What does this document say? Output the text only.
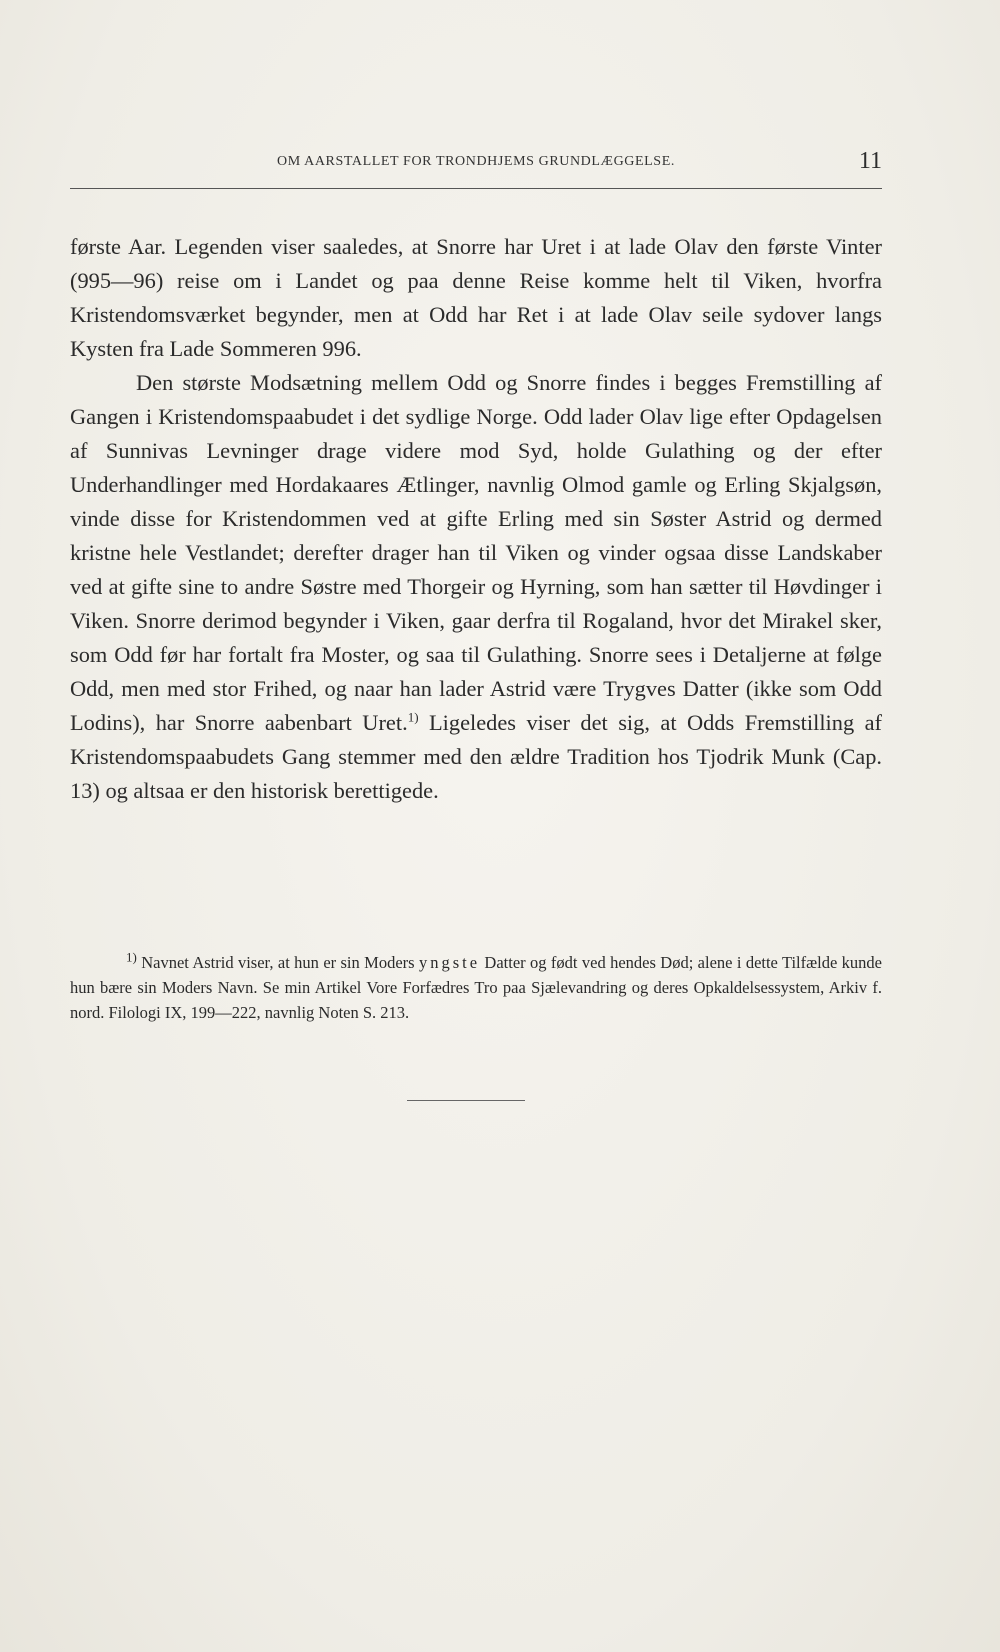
OM AARSTALLET FOR TRONDHJEMS GRUNDLÆGGELSE.	11

første Aar. Legenden viser saaledes, at Snorre har Uret i at lade Olav den første Vinter (995—96) reise om i Landet og paa denne Reise komme helt til Viken, hvorfra Kristendomsværket begynder, men at Odd har Ret i at lade Olav seile sydover langs Kysten fra Lade Sommeren 996.

Den største Modsætning mellem Odd og Snorre findes i begges Fremstilling af Gangen i Kristendomspaabudet i det sydlige Norge. Odd lader Olav lige efter Opdagelsen af Sunnivas Levninger drage videre mod Syd, holde Gulathing og der efter Underhandlinger med Hordakaares Ætlinger, navnlig Olmod gamle og Erling Skjalgsøn, vinde disse for Kristendommen ved at gifte Erling med sin Søster Astrid og dermed kristne hele Vestlandet; derefter drager han til Viken og vinder ogsaa disse Landskaber ved at gifte sine to andre Søstre med Thorgeir og Hyrning, som han sætter til Høvdinger i Viken. Snorre derimod begynder i Viken, gaar derfra til Rogaland, hvor det Mirakel sker, som Odd før har fortalt fra Moster, og saa til Gulathing. Snorre sees i Detaljerne at følge Odd, men med stor Frihed, og naar han lader Astrid være Trygves Datter (ikke som Odd Lodins), har Snorre aabenbart Uret.$^{1)}$ Ligeledes viser det sig, at Odds Fremstilling af Kristendomspaabudets Gang stemmer med den ældre Tradition hos Tjodrik Munk (Cap. 13) og altsaa er den historisk berettigede.

$^{1)}$ Navnet Astrid viser, at hun er sin Moders yngste Datter og født ved hendes Død; alene i dette Tilfælde kunde hun bære sin Moders Navn. Se min Artikel Vore Forfædres Tro paa Sjælevandring og deres Opkaldelsessystem, Arkiv f. nord. Filologi IX, 199—222, navnlig Noten S. 213.
